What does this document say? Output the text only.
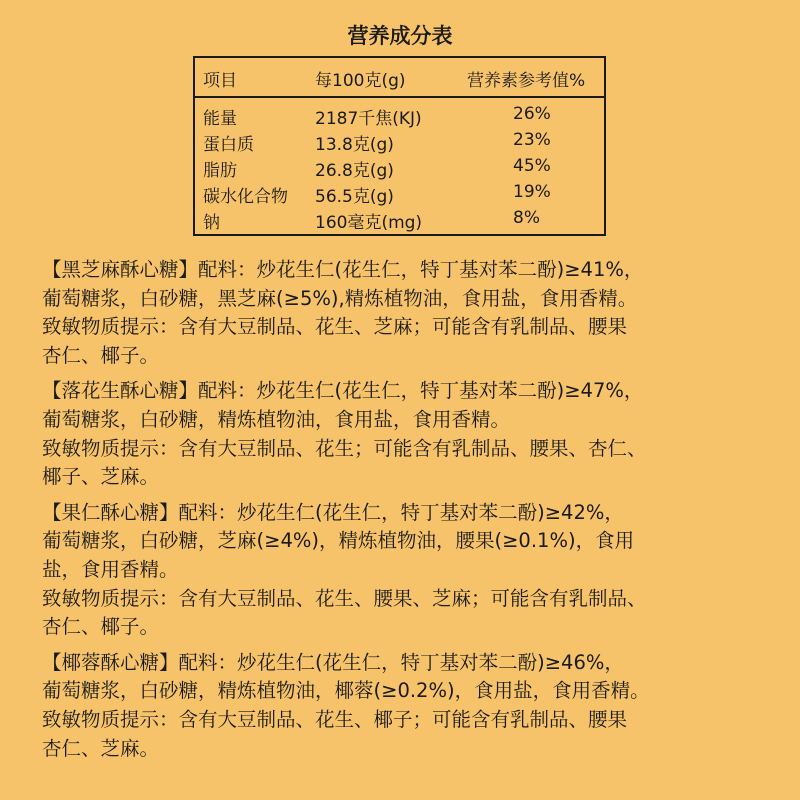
营养成分表
项目	每100克(g)	营养素参考值%
能量	2187千焦(KJ)	26%
蛋白质	13.8克(g)	23%
脂肪	26.8克(g)	45%
碳水化合物 56.5克(g)	19%
钠	160毫克(mg)	8%

【黑芝麻酥心糖】配料：炒花生仁(花生仁，特丁基对苯二酚)≥41%，
葡萄糖浆，白砂糖，黑芝麻(≥5%),精炼植物油，食用盐，食用香精。

致敏物质提示：含有大豆制品、花生、芝麻；可能含有乳制品、腰果
杏仁、椰子。

【落花生酥心糖】配料：炒花生仁(花生仁，特丁基对苯二酚)≥47%，
葡萄糖浆，白砂糖，精炼植物油，食用盐，食用香精。

致敏物质提示：含有大豆制品、花生；可能含有乳制品、腰果、杏仁、
椰子、芝麻。

【果仁酥心糖】配料：炒花生仁(花生仁，特丁基对苯二酚)≥42%，
葡萄糖浆，白砂糖，芝麻(≥4%)，精炼植物油，腰果(≥0.1%)，食用
盐，食用香精。

致敏物质提示：含有大豆制品、花生、腰果、芝麻；可能含有乳制品、
杏仁、椰子。

【椰蓉酥心糖】配料：炒花生仁(花生仁，特丁基对苯二酚)≥46%，
葡萄糖浆，白砂糖，精炼植物油，椰蓉(≥0.2%)，食用盐，食用香精。

致敏物质提示：含有大豆制品、花生、椰子；可能含有乳制品、腰果
杏仁、芝麻。
